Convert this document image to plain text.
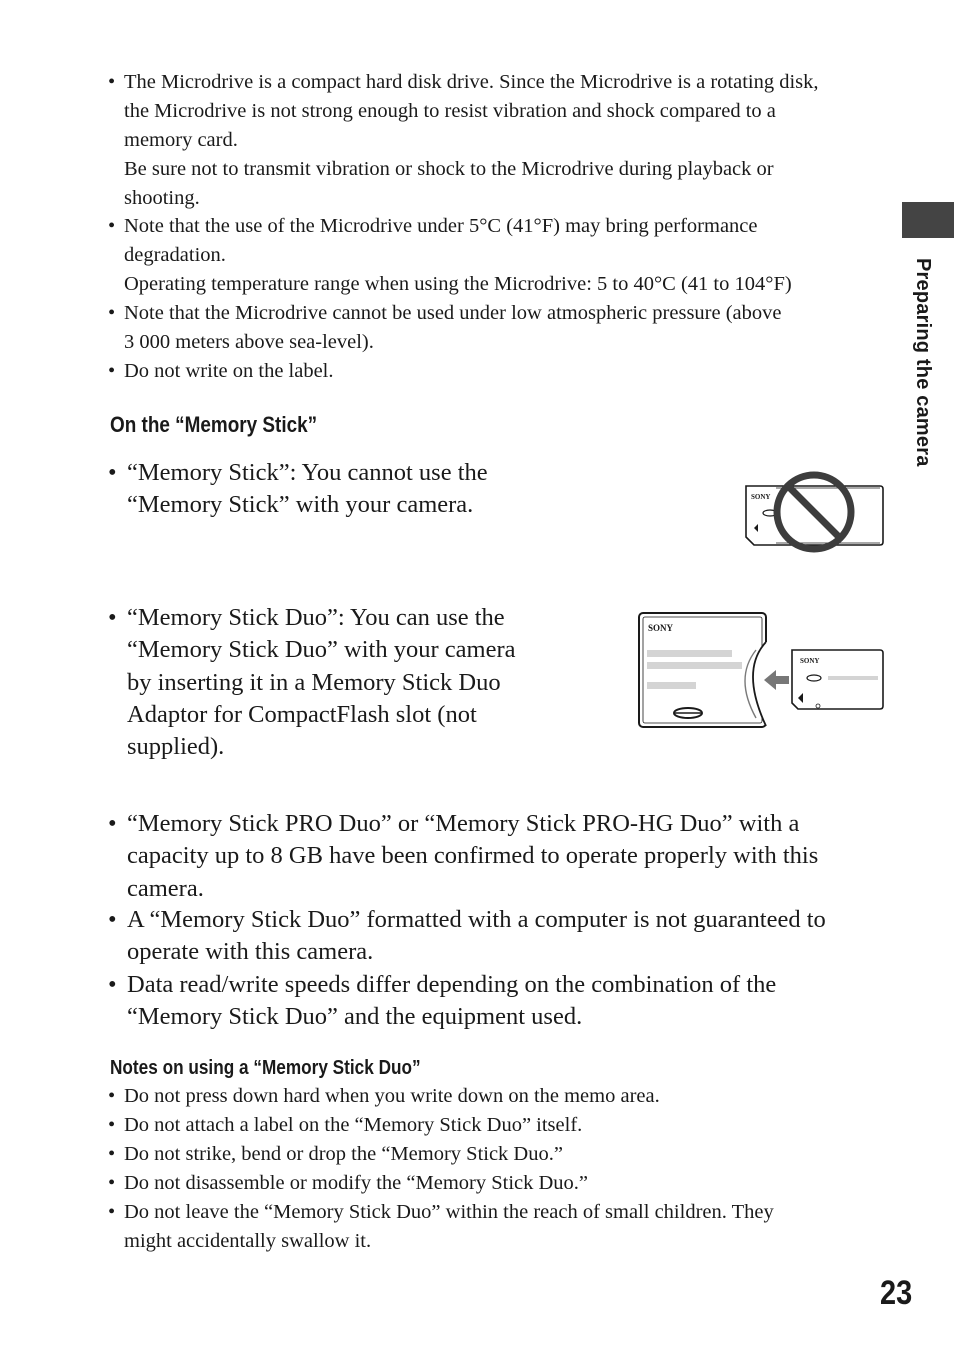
• The Microdrive is a compact hard disk drive. Since the Microdrive is a rotating disk,

the Microdrive is not strong enough to resist vibration and shock compared to a

memory card.

Be sure not to transmit vibration or shock to the Microdrive during playback or

shooting.

• Note that the use of the Microdrive under 5°C (41°F) may bring performance

degradation.

Operating temperature range when using the Microdrive: 5 to 40°C (41 to 104°F)

• Note that the Microdrive cannot be used under low atmospheric pressure (above

3 000 meters above sea-level).

• Do not write on the label.

On the “Memory Stick”
• “Memory Stick”: You cannot use the

“Memory Stick” with your camera.	SONY
• “Memory Stick Duo”: You can use the

“Memory Stick Duo” with your camera

by inserting it in a Memory Stick Duo

Adaptor for CompactFlash slot (not

supplied).

SONY
SONY
• “Memory Stick PRO Duo” or “Memory Stick PRO-HG Duo” with a

capacity up to 8 GB have been confirmed to operate properly with this

camera.

• A “Memory Stick Duo” formatted with a computer is not guaranteed to

operate with this camera.

• Data read/write speeds differ depending on the combination of the

“Memory Stick Duo” and the equipment used.

Notes on using a “Memory Stick Duo”
• Do not press down hard when you write down on the memo area.

• Do not attach a label on the “Memory Stick Duo” itself.

• Do not strike, bend or drop the “Memory Stick Duo.”

• Do not disassemble or modify the “Memory Stick Duo.”

• Do not leave the “Memory Stick Duo” within the reach of small children. They

might accidentally swallow it.

Preparing the camera
23
